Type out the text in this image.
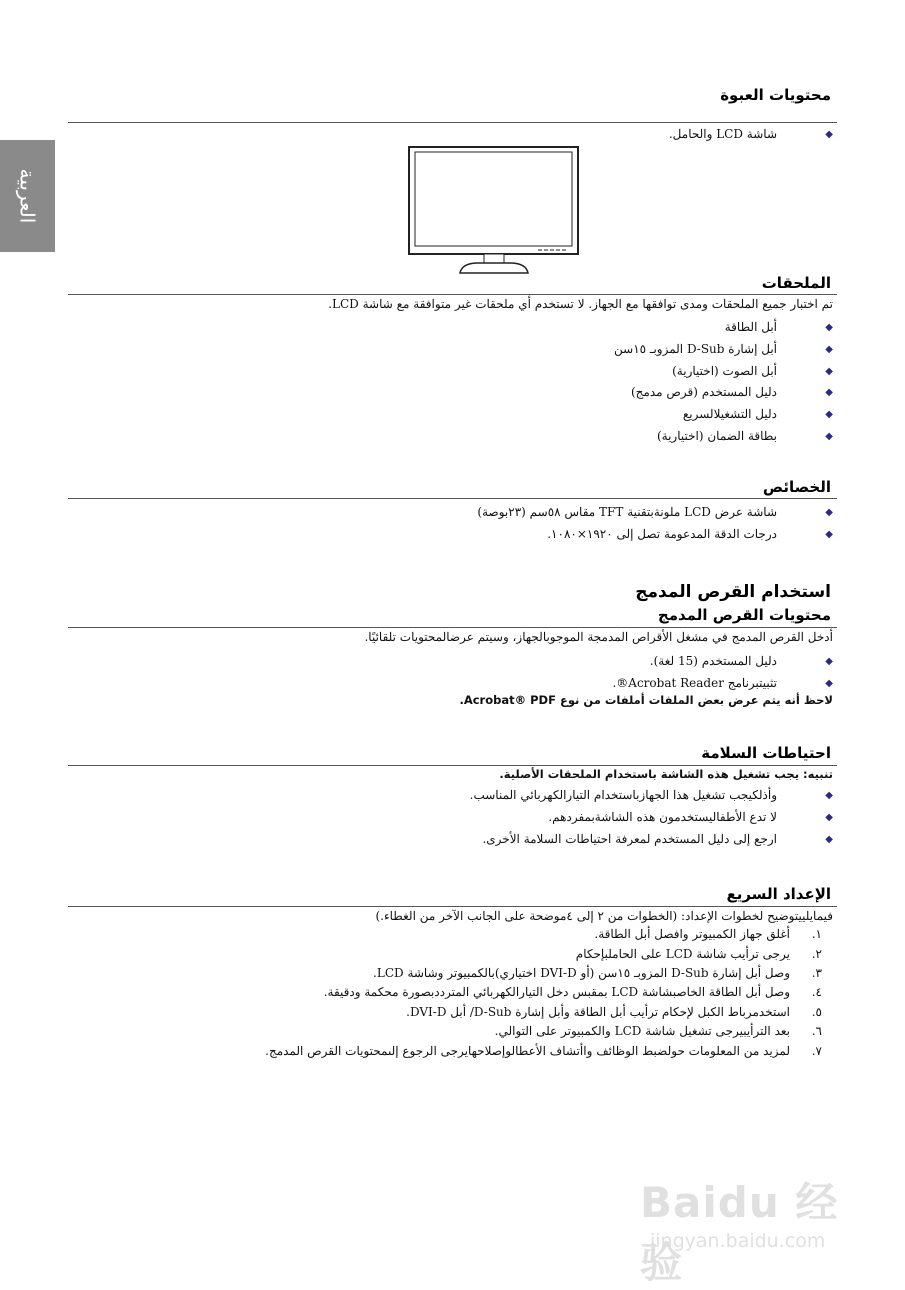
العربية
محتويات العبوة
شاشة LCD والحامل. ◆
الملحقات
تم اختبار جميع الملحقات ومدى توافقها مع الجهاز. لا تستخدم أي ملحقات غير متوافقة مع شاشة LCD.
أبل الطاقة ◆
أبل إشارة D-Sub المزوبـ ١٥سن ◆
أبل الصوت (اختيارية) ◆
دليل المستخدم (قرص مدمج) ◆
دليل التشغيلالسريع ◆
بطاقة الضمان (اختيارية) ◆
الخصائص
شاشة عرض LCD ملونةبتقنية TFT مقاس ٥٨سم (٢٣بوصة) ◆
درجات الدقة المدعومة تصل إلى ١٩٢٠×١٠٨٠. ◆
استخدام القرص المدمج
محتويات القرص المدمج
أدخل القرص المدمج في مشغل الأقراص المدمجة الموجوبالجهاز، وسيتم عرضالمحتويات تلقائيًا.
دليل المستخدم (15 لغة). ◆
تثبيتبرنامج Acrobat Reader®. ◆
لاحظ أنه يتم عرض بعض الملفات أملفات من نوع Acrobat® PDF.
احتياطات السلامة
تنبيه: يجب تشغيل هذه الشاشة باستخدام الملحقات الأصلية.
وأذلكيجب تشغيل هذا الجهازباستخدام التيارالكهربائي المناسب. ◆
لا تدع الأطفاليستخدمون هذه الشاشةبمفردهم. ◆
ارجع إلى دليل المستخدم لمعرفة احتياطات السلامة الأخرى. ◆
الإعداد السريع
فيمايلييتوضيح لخطوات الإعداد: (الخطوات من ٢ إلى ٤موضحة على الجانب الآخر من الغطاء.)
١.
أغلق جهاز الكمبيوتر وافصل أبل الطاقة.
٢.
يرجى ترأيب شاشة LCD على الحاملبإحكام
٣.
وصل أبل إشارة D-Sub المزوبـ ١٥سن (أو DVI-D اختياري)بالكمبيوتر وشاشة LCD.
٤.
وصل أبل الطاقة الخاصبشاشة LCD بمقبس دخل التيارالكهربائي المترددبصورة محكمة ودقيقة.
٥.
استخدمرباط الكبل لإحكام ترأيب أبل الطاقة وأبل إشارة D-Sub/ أبل DVI-D.
٦.
بعد الترأيبيرجى تشغيل شاشة LCD والكمبيوتر على التوالي.
٧.
لمزيد من المعلومات حولضبط الوظائف واأتشاف الأعطالوإصلاحهايرجى الرجوع إلىمحتويات القرص المدمج.
Baidu 经验
jingyan.baidu.com
